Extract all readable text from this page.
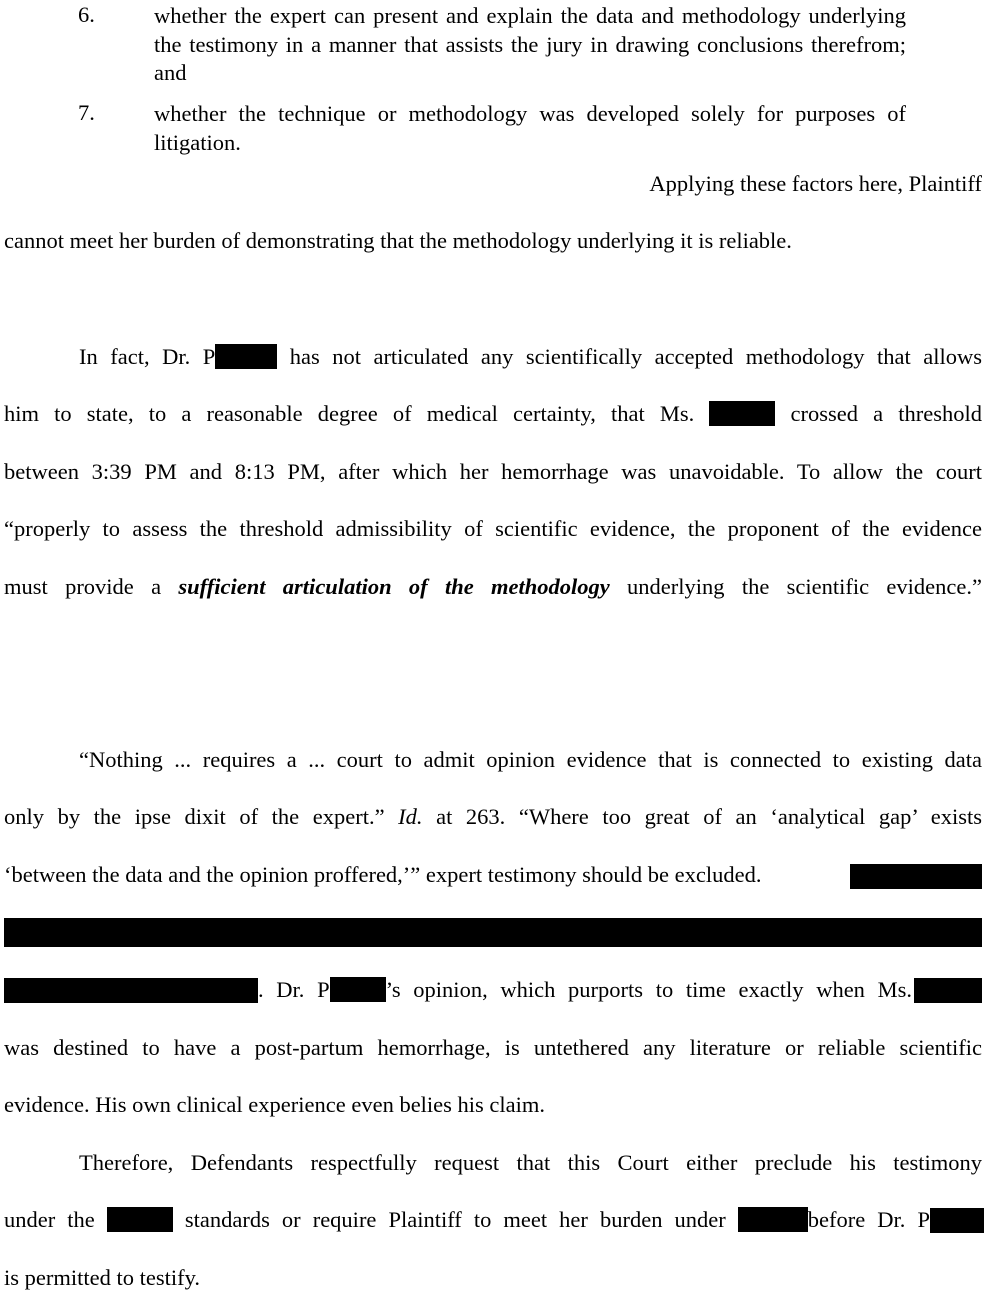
6.	whether the expert can present and explain the data and methodology underlying the testimony in a manner that assists the jury in drawing conclusions therefrom; and
7.	whether the technique or methodology was developed solely for purposes of litigation.
Applying these factors here, Plaintiff
cannot meet her burden of demonstrating that the methodology underlying it is reliable.
In fact, Dr. P	has not articulated any scientifically accepted methodology that allows
him to state, to a reasonable degree of medical certainty, that Ms.	crossed a threshold
between 3:39 PM and 8:13 PM, after which her hemorrhage was unavoidable. To allow the court
“properly to assess the threshold admissibility of scientific evidence, the proponent of the evidence
must provide a sufficient articulation of the methodology underlying the scientific evidence.”
“Nothing ... requires a ... court to admit opinion evidence that is connected to existing data
only by the ipse dixit of the expert.” Id. at 263. “Where too great of an ‘analytical gap’ exists
‘between the data and the opinion proffered,’” expert testimony should be excluded.
. Dr. P ’s opinion, which purports to time exactly when Ms.
was destined to have a post-partum hemorrhage, is untethered any literature or reliable scientific
evidence. His own clinical experience even belies his claim.
Therefore, Defendants respectfully request that this Court either preclude his testimony
under the	standards or require Plaintiff to meet her burden under	before Dr. P
is permitted to testify.
